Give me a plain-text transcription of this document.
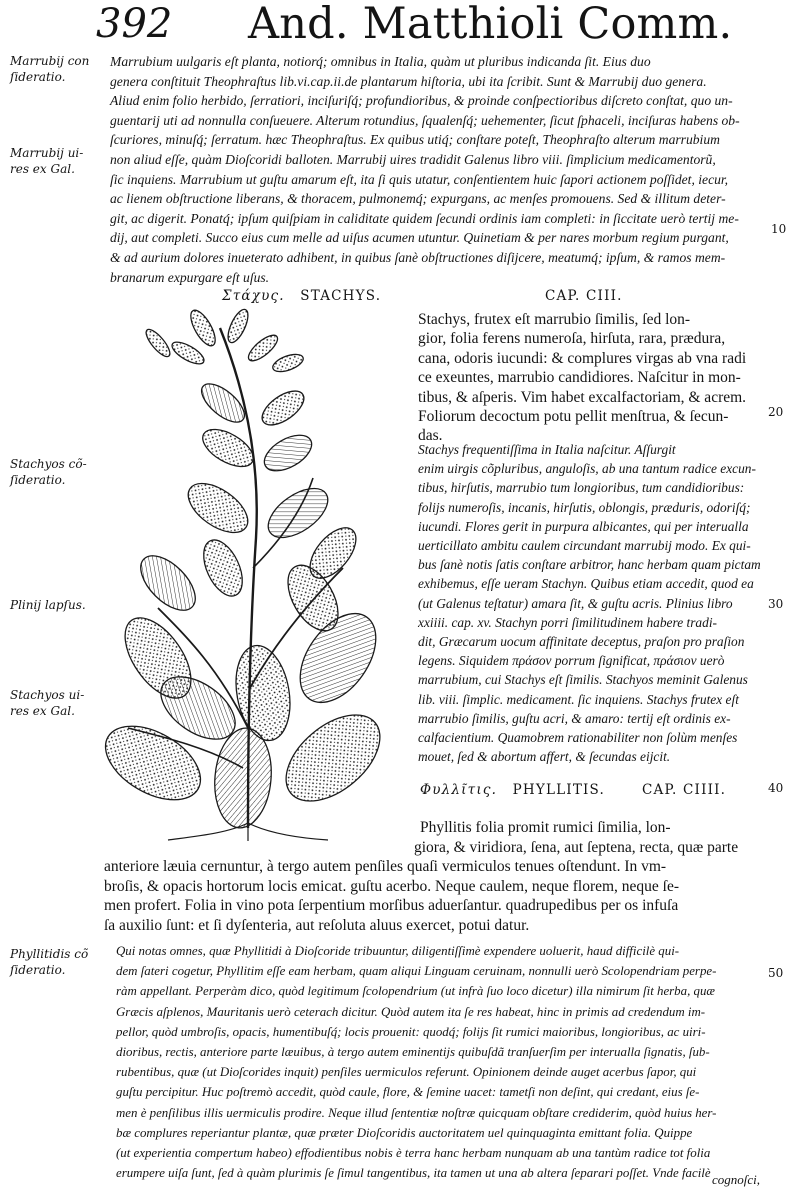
392 And. Matthioli Comm.
Marrubij con
ſideratio.
Marrubij ui-
res ex Gal.
Stachyos cõ-
ſideratio.
Plinij lapſus.
Stachyos ui-
res ex Gal.
Phyllitidis cõ
ſideratio.
10
20
30
40
50

Marrubium uulgaris eſt planta, notiorq́; omnibus in Italia, quàm ut pluribus indicanda ſit. Eius duo

genera conſtituit Theophraſtus lib.vi.cap.ii.de plantarum hiſtoria, ubi ita ſcribit. Sunt & Marrubij duo genera.

Aliud enim folio herbido, ſerratiori, inciſuriſq́; profundioribus, & proinde conſpectioribus diſcreto conſtat, quo un-

guentarij uti ad nonnulla conſueuere. Alterum rotundius, ſqualenſq́; uehementer, ſicut ſphaceli, inciſuras habens ob-

ſcuriores, minuſq́; ſerratum. hæc Theophraſtus. Ex quibus utiq́; conſtare poteſt, Theophraſto alterum marrubium

non aliud eſſe, quàm Dioſcoridi balloten. Marrubij uires tradidit Galenus libro viii. ſimplicium medicamentorũ,

ſic inquiens. Marrubium ut guſtu amarum eſt, ita ſi quis utatur, conſentientem huic ſapori actionem poſſidet, iecur,

ac lienem obſtructione liberans, & thoracem, pulmonemq́; expurgans, ac menſes promouens. Sed & illitum deter-

git, ac digerit. Ponatq́; ipſum quiſpiam in caliditate quidem ſecundi ordinis iam completi: in ſiccitate uerò tertij me-

dij, aut completi. Succo eius cum melle ad uiſus acumen utuntur. Quinetiam & per nares morbum regium purgant,

& ad aurium dolores inueterato adhibent, in quibus ſanè obſtructiones diſijcere, meatumq́; ipſum, & ramos mem-

branarum expurgare eſt uſus.

Στάχυς. STACHYS.	CAP. CIII.

Stachys, frutex eſt marrubio ſimilis, ſed lon-

gior, folia ferens numeroſa, hirſuta, rara, prædura,

cana, odoris iucundi: & complures virgas ab vna radi

ce exeuntes, marrubio candidiores. Naſcitur in mon-

tibus, & aſperis. Vim habet excalfactoriam, & acrem.

Foliorum decoctum potu pellit menſtrua, & ſecun-

das.

Stachys frequentiſſima in Italia naſcitur. Aſſurgit

enim uirgis cõpluribus, anguloſis, ab una tantum radice excun-

tibus, hirſutis, marrubio tum longioribus, tum candidioribus:

folijs numeroſis, incanis, hirſutis, oblongis, præduris, odoriſq́;

iucundi. Flores gerit in purpura albicantes, qui per interualla

uerticillato ambitu caulem circundant marrubij modo. Ex qui-

bus ſanè notis ſatis conſtare arbitror, hanc herbam quam pictam

exhibemus, eſſe ueram Stachyn. Quibus etiam accedit, quod ea

(ut Galenus teſtatur) amara ſit, & guſtu acris. Plinius libro

xxiiii. cap. xv. Stachyn porri ſimilitudinem habere tradi-

dit, Græcarum uocum affinitate deceptus, praſon pro praſion

legens. Siquidem πράσον porrum ſignificat, πράσιον uerò

marrubium, cui Stachys eſt ſimilis. Stachyos meminit Galenus

lib. viii. ſimplic. medicament. ſic inquiens. Stachys frutex eſt

marrubio ſimilis, guſtu acri, & amaro: tertij eſt ordinis ex-

calfacientium. Quamobrem rationabiliter non ſolùm menſes

mouet, ſed & abortum affert, & ſecundas eijcit.

Φυλλῖτις. PHYLLITIS.	CAP. CIIII.

Phyllitis folia promit rumici ſimilia, lon-

giora, & viridiora, ſena, aut ſeptena, recta, quæ parte

anteriore læuia cernuntur, à tergo autem penſiles quaſi vermiculos tenues oſtendunt. In vm-

broſis, & opacis hortorum locis emicat. guſtu acerbo. Neque caulem, neque florem, neque ſe-

men profert. Folia in vino pota ſerpentium morſibus aduerſantur. quadrupedibus per os infuſa

ſa auxilio ſunt: et ſi dyſenteria, aut reſoluta aluus exercet, potui datur.

Qui notas omnes, quæ Phyllitidi à Dioſcoride tribuuntur, diligentiſſimè expendere uoluerit, haud difficilè qui-

dem ſateri cogetur, Phyllitim eſſe eam herbam, quam aliqui Linguam ceruinam, nonnulli uerò Scolopendriam perpe-

ràm appellant. Perperàm dico, quòd legitimum ſcolopendrium (ut infrà ſuo loco dicetur) illa nimirum ſit herba, quæ

Græcis aſplenos, Mauritanis uerò ceterach dicitur. Quòd autem ita ſe res habeat, hinc in primis ad credendum im-

pellor, quòd umbroſis, opacis, humentibuſq́; locis prouenit: quodq́; folijs ſit rumici maioribus, longioribus, ac uiri-

dioribus, rectis, anteriore parte læuibus, à tergo autem eminentijs quibuſdã tranſuerſim per interualla ſignatis, ſub-

rubentibus, quæ (ut Dioſcorides inquit) penſiles uermiculos referunt. Opinionem deinde auget acerbus ſapor, qui

guſtu percipitur. Huc poſtremò accedit, quòd caule, flore, & ſemine uacet: tametſi non deſint, qui credant, eius ſe-

men è penſilibus illis uermiculis prodire. Neque illud ſententiæ noſtræ quicquam obſtare crediderim, quòd huius her-

bæ complures reperiantur plantæ, quæ præter Dioſcoridis auctoritatem uel quinquaginta emittant folia. Quippe

(ut experientia compertum habeo) effodientibus nobis è terra hanc herbam nunquam ab una tantùm radice tot folia

erumpere uiſa ſunt, ſed à quàm plurimis ſe ſimul tangentibus, ita tamen ut una ab altera ſeparari poſſet. Vnde facilè cognoſci,
